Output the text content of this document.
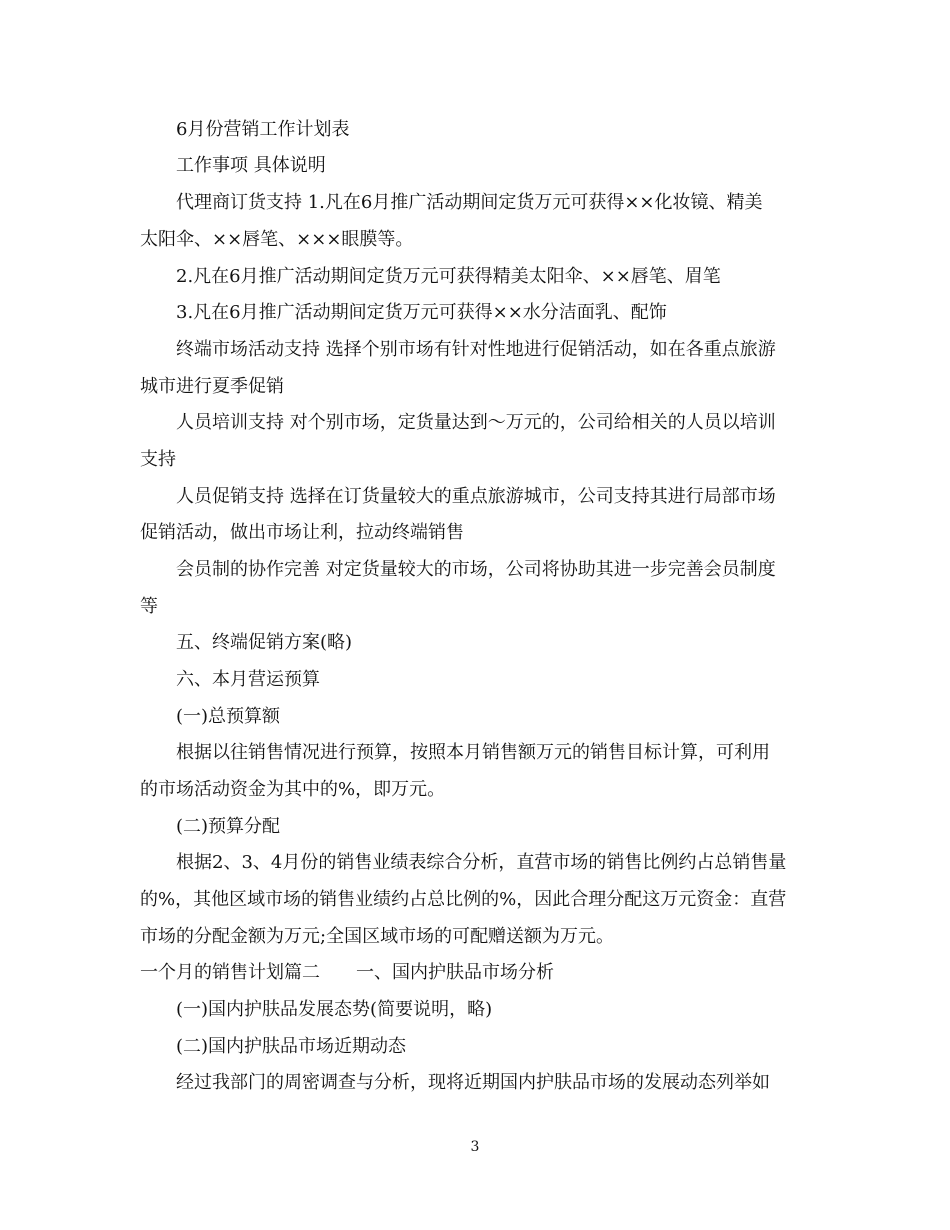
6月份营销工作计划表
工作事项 具体说明
代理商订货支持 1.凡在6月推广活动期间定货万元可获得××化妆镜、精美
太阳伞、××唇笔、×××眼膜等。
2.凡在6月推广活动期间定货万元可获得精美太阳伞、××唇笔、眉笔
3.凡在6月推广活动期间定货万元可获得××水分洁面乳、配饰
终端市场活动支持 选择个别市场有针对性地进行促销活动，如在各重点旅游
城市进行夏季促销
人员培训支持 对个别市场，定货量达到～万元的，公司给相关的人员以培训
支持
人员促销支持 选择在订货量较大的重点旅游城市，公司支持其进行局部市场
促销活动，做出市场让利，拉动终端销售
会员制的协作完善 对定货量较大的市场，公司将协助其进一步完善会员制度
等
五、终端促销方案(略)
六、本月营运预算
(一)总预算额
根据以往销售情况进行预算，按照本月销售额万元的销售目标计算，可利用
的市场活动资金为其中的%，即万元。
(二)预算分配
根据2、3、4月份的销售业绩表综合分析，直营市场的销售比例约占总销售量
的%，其他区域市场的销售业绩约占总比例的%，因此合理分配这万元资金：直营
市场的分配金额为万元;全国区域市场的可配赠送额为万元。
一个月的销售计划篇二　　一、国内护肤品市场分析
(一)国内护肤品发展态势(简要说明，略)
(二)国内护肤品市场近期动态
经过我部门的周密调查与分析，现将近期国内护肤品市场的发展动态列举如
3
